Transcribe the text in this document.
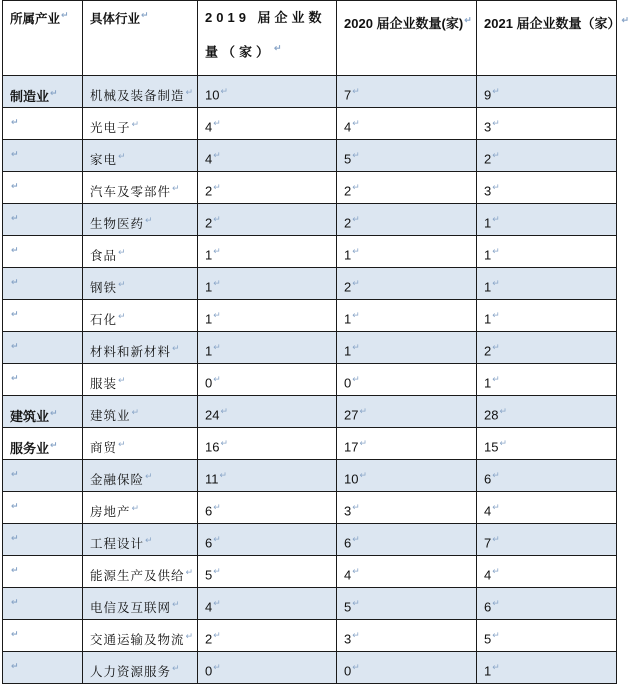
所属产业↵	具体行业↵	2019 届企业数量（家）↵	2020 届企业数量(家)↵	2021 届企业数量（家）↵
制造业↵	机械及装备制造↵	10↵	7↵	9↵
↵	光电子↵	4↵	4↵	3↵
↵	家电↵	4↵	5↵	2↵
↵	汽车及零部件↵	2↵	2↵	3↵
↵	生物医药↵	2↵	2↵	1↵
↵	食品↵	1↵	1↵	1↵
↵	钢铁↵	1↵	2↵	1↵
↵	石化↵	1↵	1↵	1↵
↵	材料和新材料↵	1↵	1↵	2↵
↵	服装↵	0↵	0↵	1↵
建筑业↵	建筑业↵	24↵	27↵	28↵
服务业↵	商贸↵	16↵	17↵	15↵
↵	金融保险↵	11↵	10↵	6↵
↵	房地产↵	6↵	3↵	4↵
↵	工程设计↵	6↵	6↵	7↵
↵	能源生产及供给↵	5↵	4↵	4↵
↵	电信及互联网↵	4↵	5↵	6↵
↵	交通运输及物流↵	2↵	3↵	5↵
↵	人力资源服务↵	0↵	0↵	1↵
